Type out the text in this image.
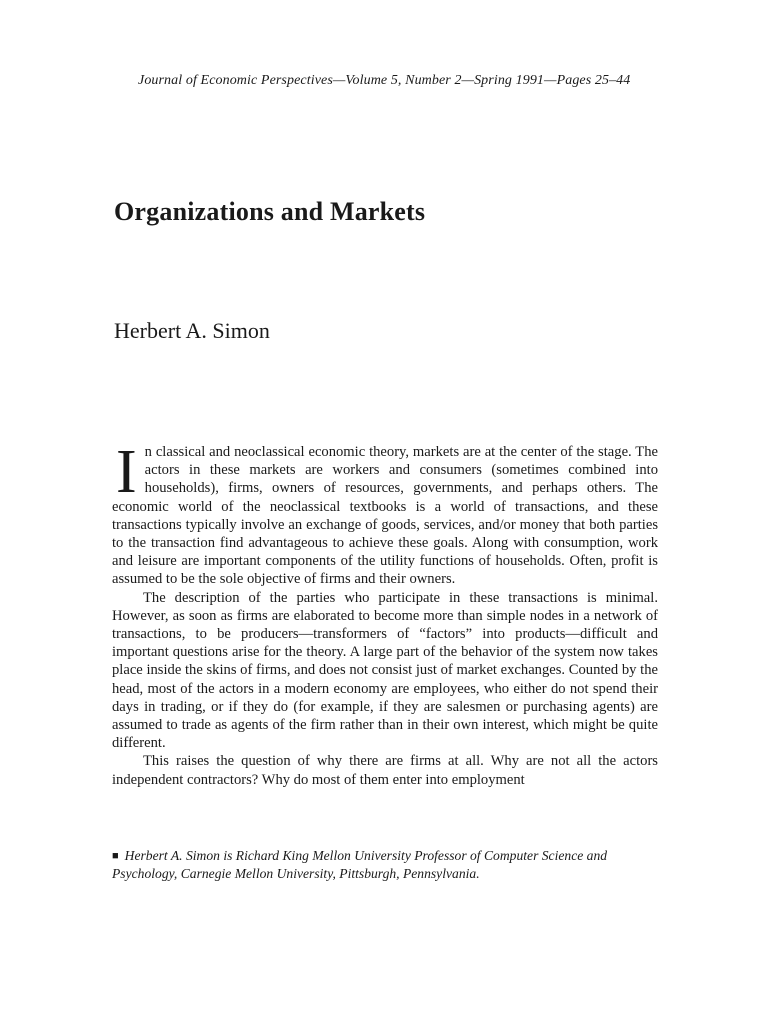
Journal of Economic Perspectives—Volume 5, Number 2—Spring 1991—Pages 25–44
Organizations and Markets
Herbert A. Simon

In classical and neoclassical economic theory, markets are at the center of the stage. The actors in these markets are workers and consumers (sometimes combined into households), firms, owners of resources, governments, and perhaps others. The economic world of the neoclassical textbooks is a world of transactions, and these transactions typically involve an exchange of goods, services, and/or money that both parties to the transaction find advantageous to achieve these goals. Along with consumption, work and leisure are important components of the utility functions of households. Often, profit is assumed to be the sole objective of firms and their owners.

The description of the parties who participate in these transactions is minimal. However, as soon as firms are elaborated to become more than simple nodes in a network of transactions, to be producers—transformers of “factors” into products—difficult and important questions arise for the theory. A large part of the behavior of the system now takes place inside the skins of firms, and does not consist just of market exchanges. Counted by the head, most of the actors in a modern economy are employees, who either do not spend their days in trading, or if they do (for example, if they are salesmen or purchasing agents) are assumed to trade as agents of the firm rather than in their own interest, which might be quite different.

This raises the question of why there are firms at all. Why are not all the actors independent contractors? Why do most of them enter into employment

■ Herbert A. Simon is Richard King Mellon University Professor of Computer Science and Psychology, Carnegie Mellon University, Pittsburgh, Pennsylvania.
